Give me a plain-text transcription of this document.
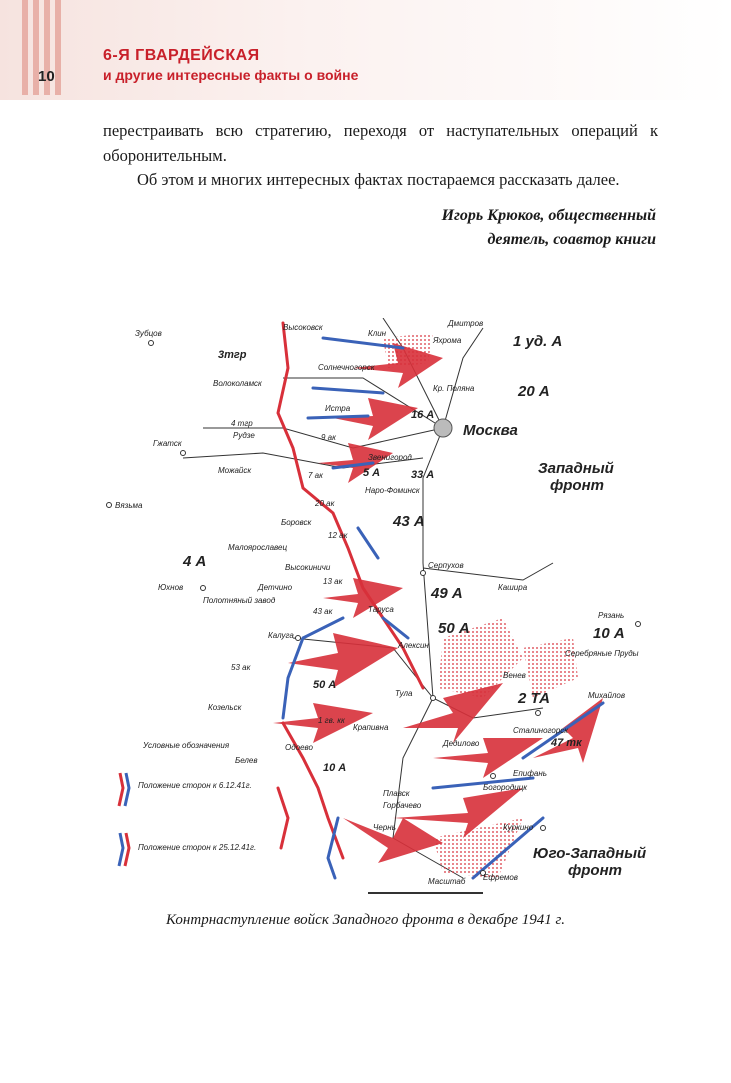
10
6-Я ГВАРДЕЙСКАЯ
и другие интересные факты о войне
перестраивать всю стратегию, переходя от наступательных операций к оборонительным.
Об этом и многих интересных фактах постараемся рассказать далее.
Игорь Крюков, общественный
деятель, соавтор книги
1 уд. А
20 А
Москва
Западный
фронт
4 А
43 А
49 А
50 А	10 А
2 ТА
Юго-Западный
фронт
16 А
5 А	33 А
Зубцов
Волоколамск
Рудзе
Гжатск
Можайск
Вязьма
Боровск
Малоярославец
Юхнов
Полотняный завод
Калуга
Козельск
Белев
Одоево
Тула
Алексин
Таруса
Серпухов
Кашира
Рязань
Серебряные Пруды
Венев
Михайлов
Сталиногорск
Епифань
Богородицк
Плавск
Горбачево
Чернь	Куркино
Ефремов
Крапивна
Дедилово
Наро-Фоминск
Звенигород
Истра
Кр. Поляна
Яхрома
Дмитров
Клин
Солнечногорск
Высоковск
Детчино
Высокиничи
3тгр
4 тгр
9 ак
7 ак
20 ак
12 ак
13 ак
43 ак
53 ак
50 А
1 гв. кк
10 А
47 тк
Условные обозначения
Положение сторон к 6.12.41г.
Положение сторон к 25.12.41г.
Масштаб
Контрнаступление войск Западного фронта в декабре 1941 г.
